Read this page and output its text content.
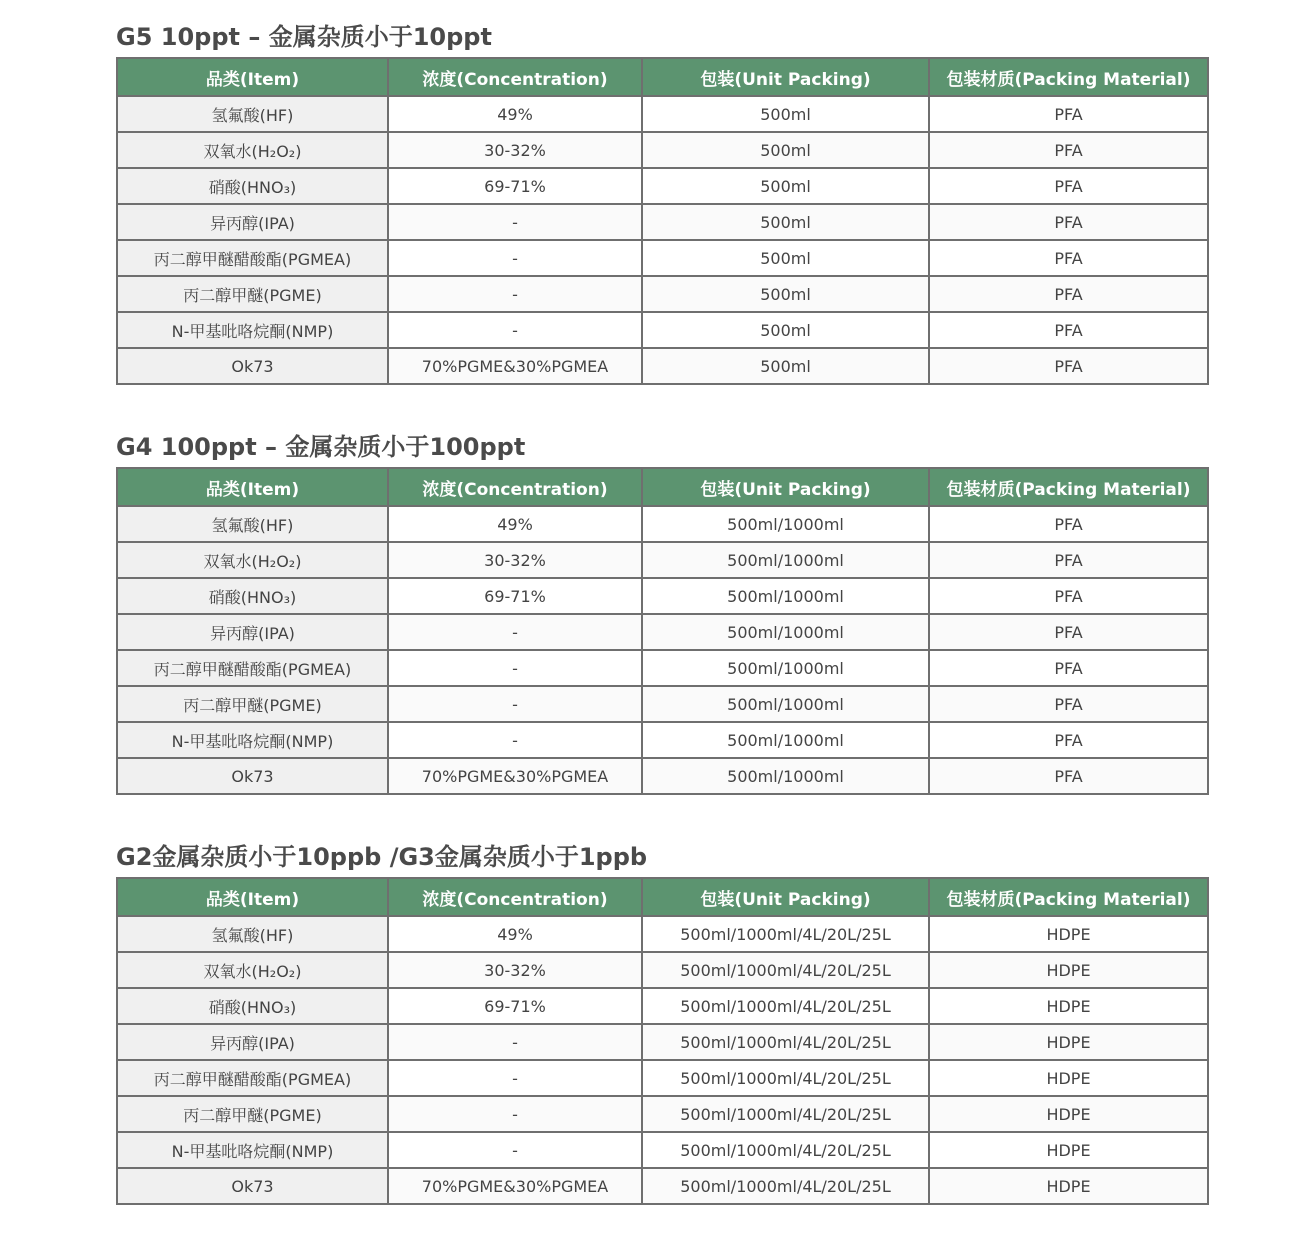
G5 10ppt – 金属杂质小于10ppt
品类(Item)	浓度(Concentration)	包装(Unit Packing)	包装材质(Packing Material)
氢氟酸(HF)	49%	500ml	PFA
双氧水(H₂O₂)	30-32%	500ml	PFA
硝酸(HNO₃)	69-71%	500ml	PFA
异丙醇(IPA)	-	500ml	PFA
丙二醇甲醚醋酸酯(PGMEA)	-	500ml	PFA
丙二醇甲醚(PGME)	-	500ml	PFA
N-甲基吡咯烷酮(NMP)	-	500ml	PFA
Ok73	70%PGME&30%PGMEA	500ml	PFA
G4 100ppt – 金属杂质小于100ppt
品类(Item)	浓度(Concentration)	包装(Unit Packing)	包装材质(Packing Material)
氢氟酸(HF)	49%	500ml/1000ml	PFA
双氧水(H₂O₂)	30-32%	500ml/1000ml	PFA
硝酸(HNO₃)	69-71%	500ml/1000ml	PFA
异丙醇(IPA)	-	500ml/1000ml	PFA
丙二醇甲醚醋酸酯(PGMEA)	-	500ml/1000ml	PFA
丙二醇甲醚(PGME)	-	500ml/1000ml	PFA
N-甲基吡咯烷酮(NMP)	-	500ml/1000ml	PFA
Ok73	70%PGME&30%PGMEA	500ml/1000ml	PFA
G2金属杂质小于10ppb /G3金属杂质小于1ppb
品类(Item)	浓度(Concentration)	包装(Unit Packing)	包装材质(Packing Material)
氢氟酸(HF)	49%	500ml/1000ml/4L/20L/25L	HDPE
双氧水(H₂O₂)	30-32%	500ml/1000ml/4L/20L/25L	HDPE
硝酸(HNO₃)	69-71%	500ml/1000ml/4L/20L/25L	HDPE
异丙醇(IPA)	-	500ml/1000ml/4L/20L/25L	HDPE
丙二醇甲醚醋酸酯(PGMEA)	-	500ml/1000ml/4L/20L/25L	HDPE
丙二醇甲醚(PGME)	-	500ml/1000ml/4L/20L/25L	HDPE
N-甲基吡咯烷酮(NMP)	-	500ml/1000ml/4L/20L/25L	HDPE
Ok73	70%PGME&30%PGMEA	500ml/1000ml/4L/20L/25L	HDPE
